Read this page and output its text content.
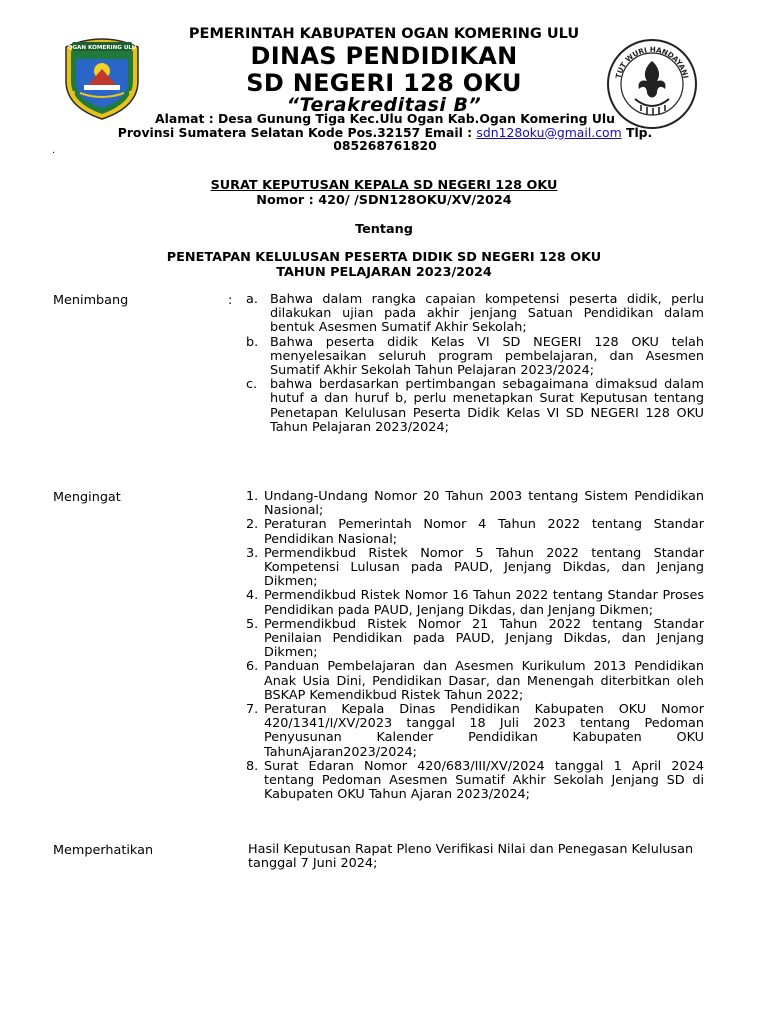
OGAN KOMERING ULU
TUT WURI HANDAYANI
PEMERINTAH KABUPATEN OGAN KOMERING ULU
DINAS PENDIDIKAN
SD NEGERI 128 OKU
“Terakreditasi B”
Alamat : Desa Gunung Tiga Kec.Ulu Ogan Kab.Ogan Komering Ulu
Provinsi Sumatera Selatan Kode Pos.32157 Email : sdn128oku@gmail.com Tlp.
085268761820
.
SURAT KEPUTUSAN KEPALA SD NEGERI 128 OKU
Nomor : 420/ /SDN128OKU/XV/2024
Tentang
PENETAPAN KELULUSAN PESERTA DIDIK SD NEGERI 128 OKU
TAHUN PELAJARAN 2023/2024
Menimbang	: a. Bahwa dalam rangka capaian kompetensi peserta didik, perlu dilakukan ujian pada akhir jenjang Satuan Pendidikan dalam bentuk Asesmen Sumatif Akhir Sekolah;
b. Bahwa peserta didik Kelas VI SD NEGERI 128 OKU telah menyelesaikan seluruh program pembelajaran, dan Asesmen Sumatif Akhir Sekolah Tahun Pelajaran 2023/2024;
c.	bahwa berdasarkan pertimbangan sebagaimana dimaksud dalam hutuf a dan huruf b, perlu menetapkan Surat Keputusan tentang Penetapan Kelulusan Peserta Didik Kelas VI SD NEGERI 128 OKU Tahun Pelajaran 2023/2024;
Mengingat	1. Undang-Undang Nomor 20 Tahun 2003 tentang Sistem Pendidikan Nasional;
2. Peraturan Pemerintah Nomor 4 Tahun 2022 tentang Standar Pendidikan Nasional;
3. Permendikbud Ristek Nomor 5 Tahun 2022 tentang Standar Kompetensi Lulusan pada PAUD, Jenjang Dikdas, dan Jenjang Dikmen;
4. Permendikbud Ristek Nomor 16 Tahun 2022 tentang Standar Proses Pendidikan pada PAUD, Jenjang Dikdas, dan Jenjang Dikmen;
5. Permendikbud Ristek Nomor 21 Tahun 2022 tentang Standar Penilaian Pendidikan pada PAUD, Jenjang Dikdas, dan Jenjang Dikmen;
6. Panduan Pembelajaran dan Asesmen Kurikulum 2013 Pendidikan Anak Usia Dini, Pendidikan Dasar, dan Menengah diterbitkan oleh BSKAP Kemendikbud Ristek Tahun 2022;
7. Peraturan Kepala Dinas Pendidikan Kabupaten OKU Nomor 420/1341/I/XV/2023 tanggal 18 Juli 2023 tentang Pedoman Penyusunan Kalender Pendidikan Kabupaten OKU TahunAjaran2023/2024;
8. Surat Edaran Nomor 420/683/III/XV/2024 tanggal 1 April 2024 tentang Pedoman Asesmen Sumatif Akhir Sekolah Jenjang SD di Kabupaten OKU Tahun Ajaran 2023/2024;
Memperhatikan	Hasil Keputusan Rapat Pleno Verifikasi Nilai dan Penegasan Kelulusan tanggal 7 Juni 2024;
